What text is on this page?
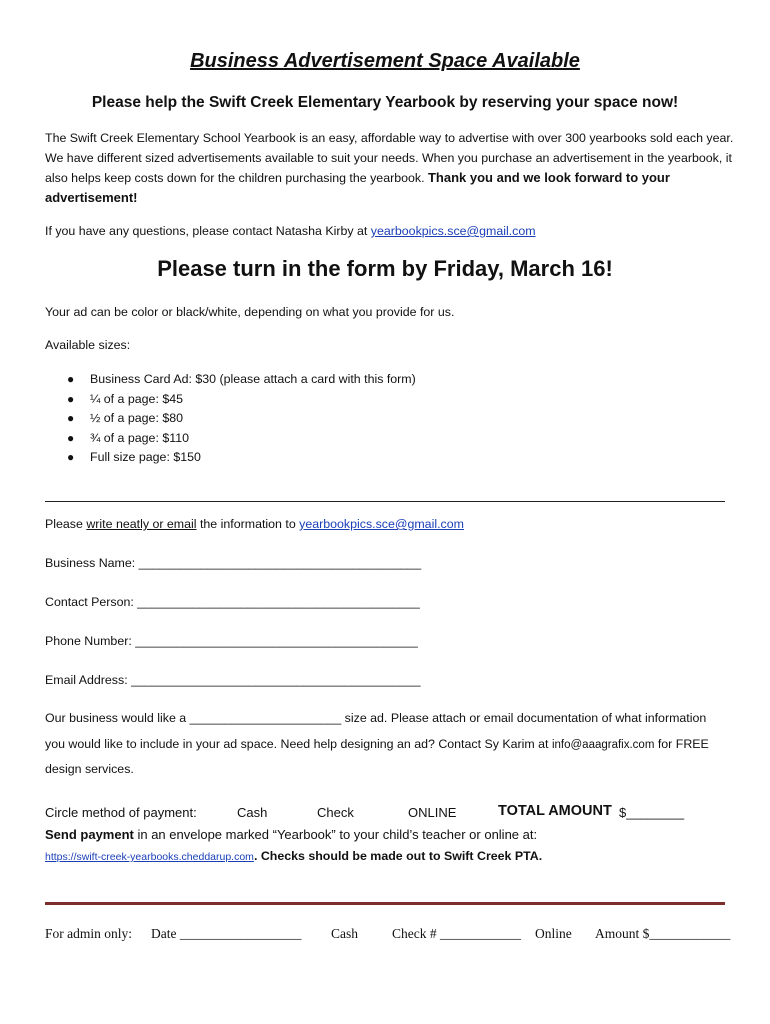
Business Advertisement Space Available
Please help the Swift Creek Elementary Yearbook by reserving your space now!
The Swift Creek Elementary School Yearbook is an easy, affordable way to advertise with over 300 yearbooks sold each year. We have different sized advertisements available to suit your needs. When you purchase an advertisement in the yearbook, it also helps keep costs down for the children purchasing the yearbook. Thank you and we look forward to your advertisement!
If you have any questions, please contact Natasha Kirby at yearbookpics.sce@gmail.com
Please turn in the form by Friday, March 16!
Your ad can be color or black/white, depending on what you provide for us.
Available sizes:
● Business Card Ad: $30 (please attach a card with this form)
● ¼ of a page: $45
● ½ of a page: $80
● ¾ of a page: $110
● Full size page: $150
Please write neatly or email the information to yearbookpics.sce@gmail.com
Business Name: _________________________________________
Contact Person: _________________________________________
Phone Number: _________________________________________
Email Address: __________________________________________
Our business would like a ______________________ size ad. Please attach or email documentation of what information
you would like to include in your ad space. Need help designing an ad? Contact Sy Karim at info@aaagrafix.com for FREE
design services.
Circle method of payment:	Cash	Check	ONLINE	TOTAL AMOUNT $________
Send payment in an envelope marked “Yearbook” to your child’s teacher or online at:
https://swift-creek-yearbooks.cheddarup.com. Checks should be made out to Swift Creek PTA.
For admin only: Date __________________ Cash	Check # ____________ Online Amount $____________
